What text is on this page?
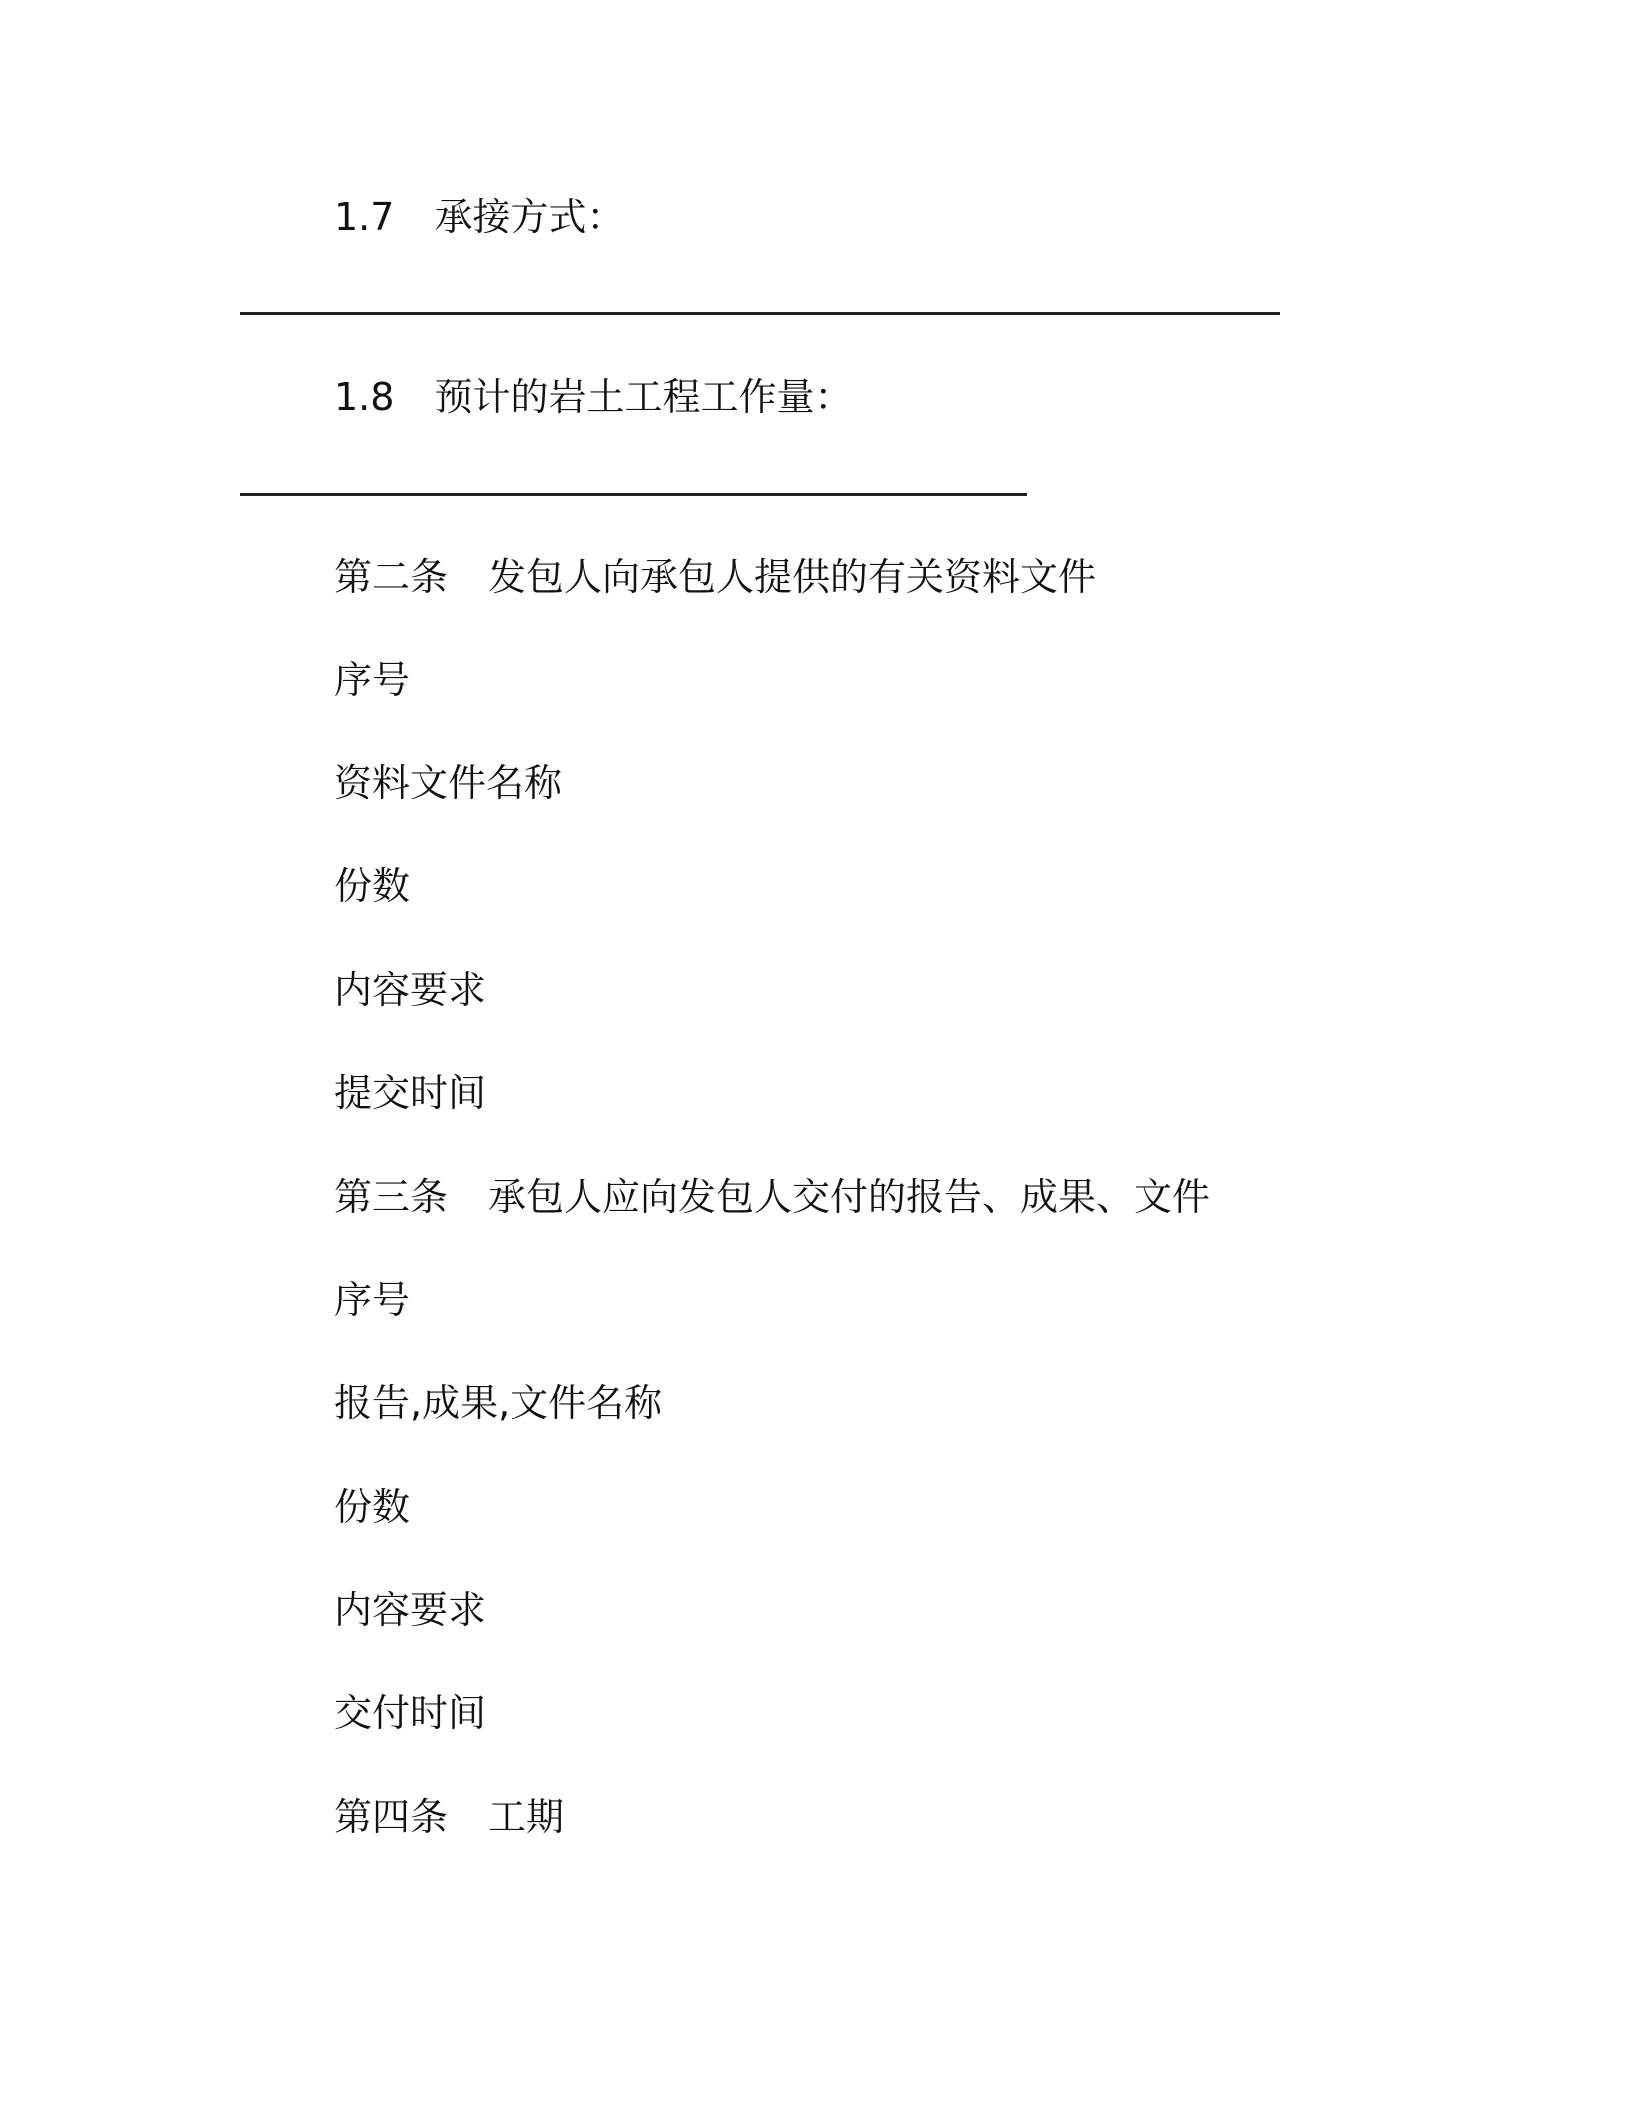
1.7 承接方式：
1.8 预计的岩土工程工作量：
第二条 发包人向承包人提供的有关资料文件
序号
资料文件名称
份数
内容要求
提交时间
第三条 承包人应向发包人交付的报告、成果、文件
序号
报告,成果,文件名称
份数
内容要求
交付时间
第四条 工期
